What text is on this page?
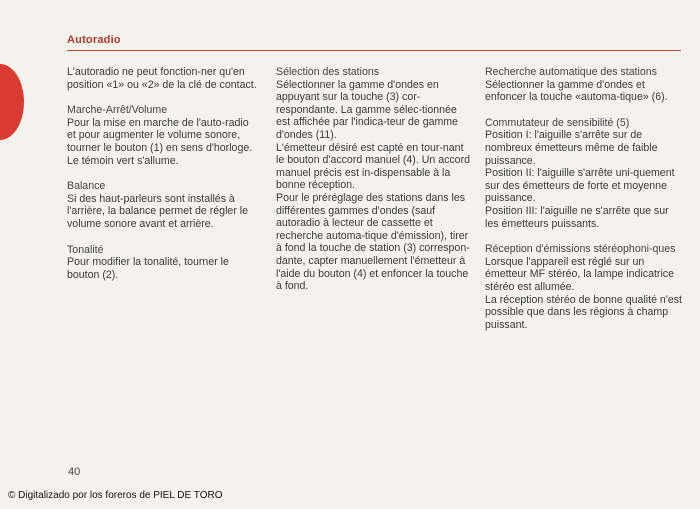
Autoradio
L'autoradio ne peut fonction-ner qu'en position «1» ou «2» de la clé de contact.
Marche-Arrêt/Volume
Pour la mise en marche de l'auto-radio et pour augmenter le volume sonore, tourner le bouton (1) en sens d'horloge. Le témoin vert s'allume.
Balance
Si des haut-parleurs sont installés à l'arrière, la balance permet de régler le volume sonore avant et arrière.
Tonalité
Pour modifier la tonalité, tourner le bouton (2).
Sélection des stations
Sélectionner la gamme d'ondes en appuyant sur la touche (3) cor-respondante. La gamme sélec-tionnée est affichée par l'indica-teur de gamme d'ondes (11).
L'émetteur désiré est capté en tour-nant le bouton d'accord manuel (4). Un accord manuel précis est in-dispensable à la bonne réception.
Pour le préréglage des stations dans les différentes gammes d'ondes (sauf autoradio à lecteur de cassette et recherche automa-tique d'émission), tirer à fond la touche de station (3) correspon-dante, capter manuellement l'émetteur à l'aide du bouton (4) et enfoncer la touche à fond.
Recherche automatique des stations
Sélectionner la gamme d'ondes et enfoncer la touche «automa-tique» (6).
Commutateur de sensibilité (5)
Position I: l'aiguille s'arrête sur de nombreux émetteurs même de faible puissance.
Position II: l'aiguille s'arrête uni-quement sur des émetteurs de forte et moyenne puissance.
Position III: l'aiguille ne s'arrête que sur les émetteurs puissants.
Réception d'émissions stéréophoni-ques
Lorsque l'appareil est réglé sur un émetteur MF stéréo, la lampe indicatrice stéréo est allumée.
La réception stéréo de bonne qualité n'est possible que dans les régions à champ puissant.
40
© Digitalizado por los foreros de PIEL DE TORO
